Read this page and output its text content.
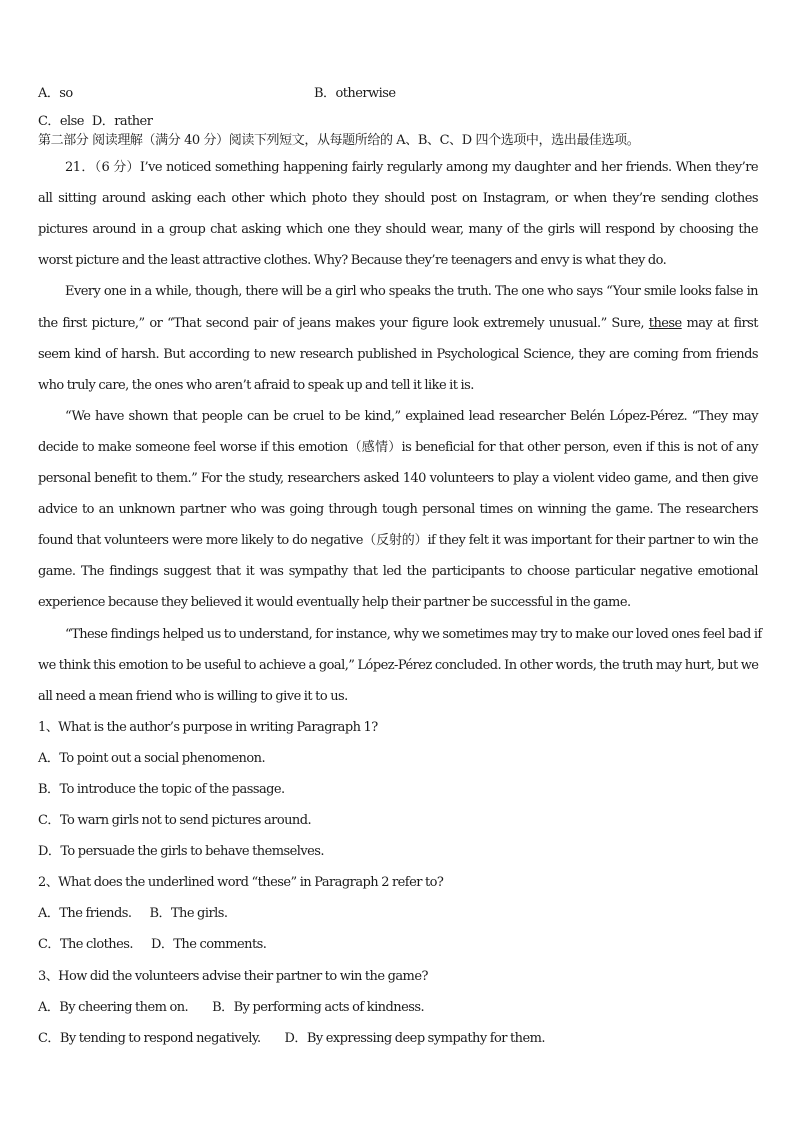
A．so	B．otherwise
C．else D．rather
第二部分 阅读理解（满分 40 分）阅读下列短文，从每题所给的 A、B、C、D 四个选项中，选出最佳选项。
21．（6 分）I’ve noticed something happening fairly regularly among my daughter and her friends. When they’re
all sitting around asking each other which photo they should post on Instagram, or when they’re sending clothes
pictures around in a group chat asking which one they should wear, many of the girls will respond by choosing the
worst picture and the least attractive clothes. Why? Because they’re teenagers and envy is what they do.
Every one in a while, though, there will be a girl who speaks the truth. The one who says “Your smile looks false in
the first picture,” or “That second pair of jeans makes your figure look extremely unusual.” Sure, these may at first
seem kind of harsh. But according to new research published in Psychological Science, they are coming from friends
who truly care, the ones who aren’t afraid to speak up and tell it like it is.
“We have shown that people can be cruel to be kind,” explained lead researcher Belén López-Pérez. “They may
decide to make someone feel worse if this emotion（感情）is beneficial for that other person, even if this is not of any
personal benefit to them.” For the study, researchers asked 140 volunteers to play a violent video game, and then give
advice to an unknown partner who was going through tough personal times on winning the game. The researchers
found that volunteers were more likely to do negative（反射的）if they felt it was important for their partner to win the
game. The findings suggest that it was sympathy that led the participants to choose particular negative emotional
experience because they believed it would eventually help their partner be successful in the game.
“These findings helped us to understand, for instance, why we sometimes may try to make our loved ones feel bad if
we think this emotion to be useful to achieve a goal,” López-Pérez concluded. In other words, the truth may hurt, but we
all need a mean friend who is willing to give it to us.
1、What is the author’s purpose in writing Paragraph 1?
A．To point out a social phenomenon.
B．To introduce the topic of the passage.
C．To warn girls not to send pictures around.
D．To persuade the girls to behave themselves.
2、What does the underlined word “these” in Paragraph 2 refer to?
A．The friends. B．The girls.
C．The clothes. D．The comments.
3、How did the volunteers advise their partner to win the game?
A．By cheering them on. B．By performing acts of kindness.
C．By tending to respond negatively. D．By expressing deep sympathy for them.
